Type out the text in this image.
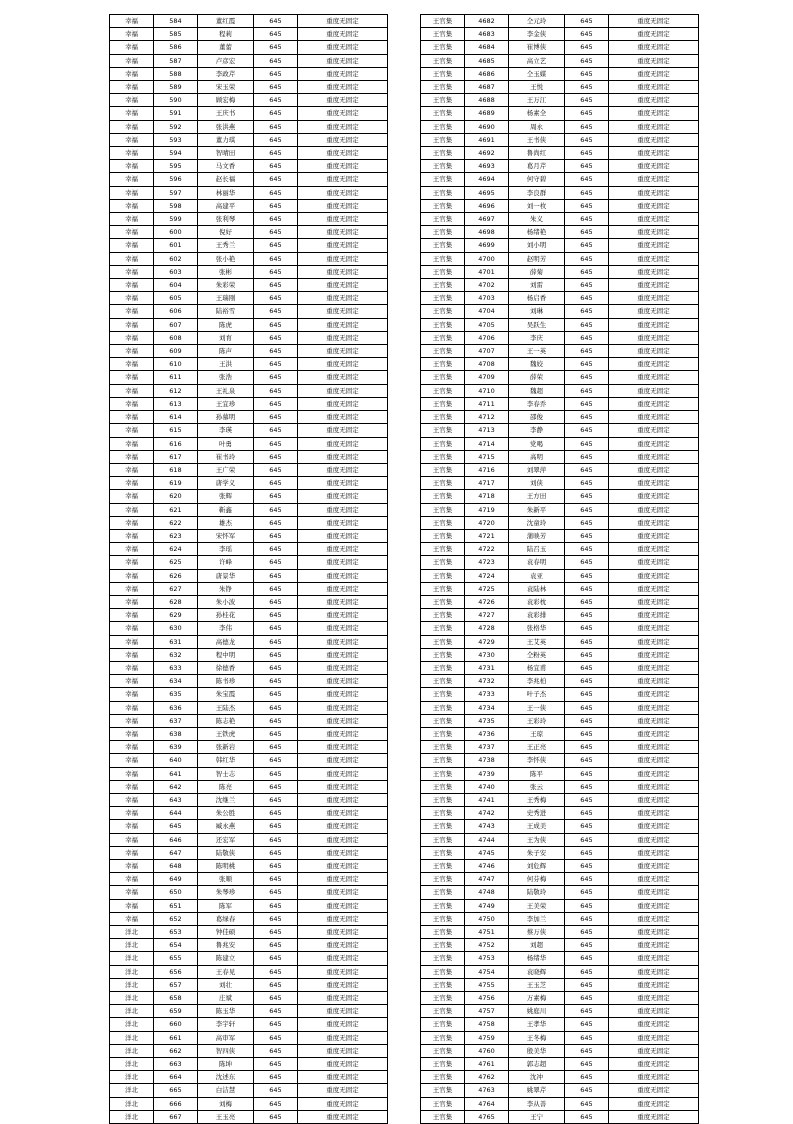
幸福	584	董红霞	645	重度无固定
幸福	585	程莉	645	重度无固定
幸福	586	董蕾	645	重度无固定
幸福	587	卢彦宏	645	重度无固定
幸福	588	李政芹	645	重度无固定
幸福	589	宋玉荣	645	重度无固定
幸福	590	顾宏梅	645	重度无固定
幸福	591	王庆书	645	重度无固定
幸福	592	张洪燕	645	重度无固定
幸福	593	董力琪	645	重度无固定
幸福	594	智晴田	645	重度无固定
幸福	595	马文香	645	重度无固定
幸福	596	赵长福	645	重度无固定
幸福	597	林丽华	645	重度无固定
幸福	598	高建平	645	重度无固定
幸福	599	张利琴	645	重度无固定
幸福	600	倪好	645	重度无固定
幸福	601	王秀兰	645	重度无固定
幸福	602	张小艳	645	重度无固定
幸福	603	张彬	645	重度无固定
幸福	604	朱彩荣	645	重度无固定
幸福	605	王瑞刚	645	重度无固定
幸福	606	陆裕雪	645	重度无固定
幸福	607	陈虎	645	重度无固定
幸福	608	刘育	645	重度无固定
幸福	609	陈声	645	重度无固定
幸福	610	王洪	645	重度无固定
幸福	611	张浩	645	重度无固定
幸福	612	王礼泉	645	重度无固定
幸福	613	王宜珍	645	重度无固定
幸福	614	孙慕明	645	重度无固定
幸福	615	李瑛	645	重度无固定
幸福	616	叶勇	645	重度无固定
幸福	617	崔书玲	645	重度无固定
幸福	618	王广荣	645	重度无固定
幸福	619	唐学义	645	重度无固定
幸福	620	张辉	645	重度无固定
幸福	621	靳鑫	645	重度无固定
幸福	622	雄杰	645	重度无固定
幸福	623	宋怀军	645	重度无固定
幸福	624	李瑶	645	重度无固定
幸福	625	许峰	645	重度无固定
幸福	626	唐景华	645	重度无固定
幸福	627	朱铮	645	重度无固定
幸福	628	朱小波	645	重度无固定
幸福	629	孙桂花	645	重度无固定
幸福	630	李伟	645	重度无固定
幸福	631	高德龙	645	重度无固定
幸福	632	程中明	645	重度无固定
幸福	633	徐德香	645	重度无固定
幸福	634	陈书珍	645	重度无固定
幸福	635	朱宝霞	645	重度无固定
幸福	636	王陆杰	645	重度无固定
幸福	637	陈志艳	645	重度无固定
幸福	638	王铁虎	645	重度无固定
幸福	639	张新岩	645	重度无固定
幸福	640	韩红华	645	重度无固定
幸福	641	智士志	645	重度无固定
幸福	642	陈亮	645	重度无固定
幸福	643	沈继兰	645	重度无固定
幸福	644	朱公胜	645	重度无固定
幸福	645	臧永燕	645	重度无固定
幸福	646	还宏军	645	重度无固定
幸福	647	陆敬侠	645	重度无固定
幸福	648	陈明桃	645	重度无固定
幸福	649	张顺	645	重度无固定
幸福	650	朱琴珍	645	重度无固定
幸福	651	陈军	645	重度无固定
幸福	652	葛绿春	645	重度无固定
洋北	653	钟佳硕	645	重度无固定
洋北	654	鲁兆安	645	重度无固定
洋北	655	陈建立	645	重度无固定
洋北	656	王春见	645	重度无固定
洋北	657	刘壮	645	重度无固定
洋北	658	庄斌	645	重度无固定
洋北	659	陈玉华	645	重度无固定
洋北	660	李宇轩	645	重度无固定
洋北	661	高审军	645	重度无固定
洋北	662	智四侠	645	重度无固定
洋北	663	陈坤	645	重度无固定
洋北	664	沈述东	645	重度无固定
洋北	665	白洁慧	645	重度无固定
洋北	666	刘梅	645	重度无固定
洋北	667	王玉亮	645	重度无固定
王官集	4682	仝元玲	645	重度无固定
王官集	4683	李金侠	645	重度无固定
王官集	4684	崔博侠	645	重度无固定
王官集	4685	高立艺	645	重度无固定
王官集	4686	仝玉媒	645	重度无固定
王官集	4687	王悦	645	重度无固定
王官集	4688	王万江	645	重度无固定
王官集	4689	杨素全	645	重度无固定
王官集	4690	周永	645	重度无固定
王官集	4691	王书侠	645	重度无固定
王官集	4692	鲁尚红	645	重度无固定
王官集	4693	葛月芹	645	重度无固定
王官集	4694	何守碧	645	重度无固定
王官集	4695	李良群	645	重度无固定
王官集	4696	刘一枚	645	重度无固定
王官集	4697	朱义	645	重度无固定
王官集	4698	杨绪艳	645	重度无固定
王官集	4699	刘小明	645	重度无固定
王官集	4700	赵明芳	645	重度无固定
王官集	4701	薛菊	645	重度无固定
王官集	4702	刘雷	645	重度无固定
王官集	4703	杨启香	645	重度无固定
王官集	4704	刘琳	645	重度无固定
王官集	4705	吴跃生	645	重度无固定
王官集	4706	李庆	645	重度无固定
王官集	4707	王一英	645	重度无固定
王官集	4708	魏姣	645	重度无固定
王官集	4709	薛荣	645	重度无固定
王官集	4710	魏超	645	重度无固定
王官集	4711	李春乔	645	重度无固定
王官集	4712	邵俊	645	重度无固定
王官集	4713	李静	645	重度无固定
王官集	4714	党喝	645	重度无固定
王官集	4715	高明	645	重度无固定
王官集	4716	刘翠萍	645	重度无固定
王官集	4717	刘侠	645	重度无固定
王官集	4718	王方田	645	重度无固定
王官集	4719	朱新平	645	重度无固定
王官集	4720	沈童玲	645	重度无固定
王官集	4721	蒲映芳	645	重度无固定
王官集	4722	陆召玉	645	重度无固定
王官集	4723	袁春明	645	重度无固定
王官集	4724	袁亚	645	重度无固定
王官集	4725	袁陆林	645	重度无固定
王官集	4726	袁彩枕	645	重度无固定
王官集	4727	袁彩排	645	重度无固定
王官集	4728	张格华	645	重度无固定
王官集	4729	王艾英	645	重度无固定
王官集	4730	仝粉英	645	重度无固定
王官集	4731	杨宜甫	645	重度无固定
王官集	4732	李兆柏	645	重度无固定
王官集	4733	叶子杰	645	重度无固定
王官集	4734	王一侠	645	重度无固定
王官集	4735	王彩玲	645	重度无固定
王官集	4736	王琼	645	重度无固定
王官集	4737	王正亮	645	重度无固定
王官集	4738	李怀侠	645	重度无固定
王官集	4739	陈平	645	重度无固定
王官集	4740	张云	645	重度无固定
王官集	4741	王秀梅	645	重度无固定
王官集	4742	史秀进	645	重度无固定
王官集	4743	王成美	645	重度无固定
王官集	4744	王为侠	645	重度无固定
王官集	4745	朱子安	645	重度无固定
王官集	4746	刘危辉	645	重度无固定
王官集	4747	何芬梅	645	重度无固定
王官集	4748	陆敬玲	645	重度无固定
王官集	4749	王美荣	645	重度无固定
王官集	4750	李加兰	645	重度无固定
王官集	4751	蔡万侠	645	重度无固定
王官集	4752	刘超	645	重度无固定
王官集	4753	杨绪华	645	重度无固定
王官集	4754	袁晓辉	645	重度无固定
王官集	4755	王玉芝	645	重度无固定
王官集	4756	万素梅	645	重度无固定
王官集	4757	姚庭川	645	重度无固定
王官集	4758	王孝华	645	重度无固定
王官集	4759	王冬梅	645	重度无固定
王官集	4760	殷美华	645	重度无固定
王官集	4761	郭志超	645	重度无固定
王官集	4762	沈冲	645	重度无固定
王官集	4763	姚翠芹	645	重度无固定
王官集	4764	李从善	645	重度无固定
王官集	4765	王宁	645	重度无固定
